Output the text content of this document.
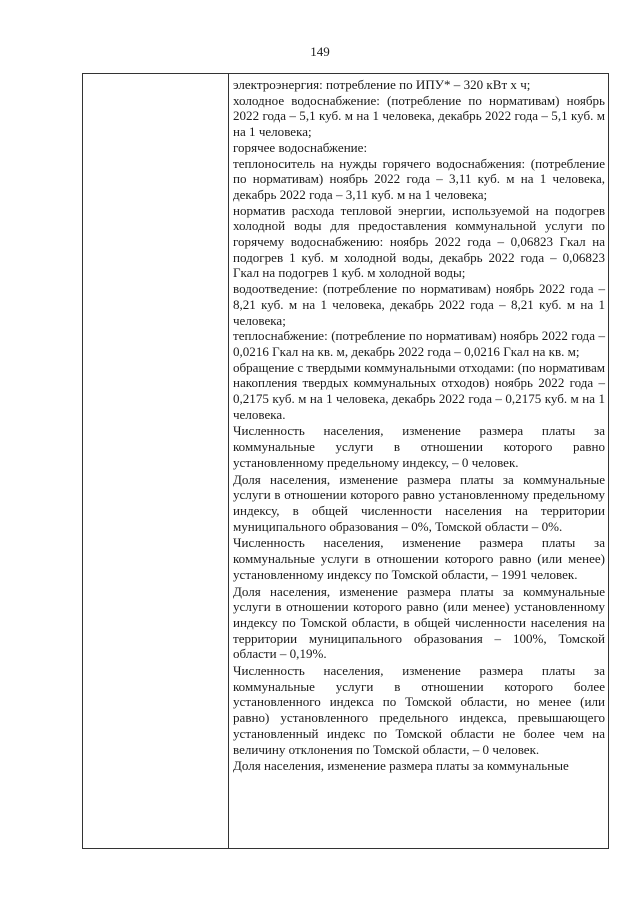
149

электроэнергия: потребление по ИПУ* – 320 кВт х ч;

холодное водоснабжение: (потребление по нормативам) ноябрь 2022 года – 5,1 куб. м на 1 человека, декабрь 2022 года – 5,1 куб. м на 1 человека;

горячее водоснабжение:

теплоноситель на нужды горячего водоснабжения: (потребление по нормативам) ноябрь 2022 года – 3,11 куб. м на 1 человека, декабрь 2022 года – 3,11 куб. м на 1 человека;

норматив расхода тепловой энергии, используемой на подогрев холодной воды для предоставления коммунальной услуги по горячему водоснабжению: ноябрь 2022 года – 0,06823 Гкал на подогрев 1 куб. м холодной воды, декабрь 2022 года – 0,06823 Гкал на подогрев 1 куб. м холодной воды;

водоотведение: (потребление по нормативам) ноябрь 2022 года – 8,21 куб. м на 1 человека, декабрь 2022 года – 8,21 куб. м на 1 человека;

теплоснабжение: (потребление по нормативам) ноябрь 2022 года – 0,0216 Гкал на кв. м, декабрь 2022 года – 0,0216 Гкал на кв. м;

обращение с твердыми коммунальными отходами: (по нормативам накопления твердых коммунальных отходов) ноябрь 2022 года – 0,2175 куб. м на 1 человека, декабрь 2022 года – 0,2175 куб. м на 1 человека.

Численность населения, изменение размера платы за коммунальные услуги в отношении которого равно установленному предельному индексу, – 0 человек.

Доля населения, изменение размера платы за коммунальные услуги в отношении которого равно установленному предельному индексу, в общей численности населения на территории муниципального образования – 0%, Томской области – 0%.

Численность населения, изменение размера платы за коммунальные услуги в отношении которого равно (или менее) установленному индексу по Томской области, – 1991 человек.

Доля населения, изменение размера платы за коммунальные услуги в отношении которого равно (или менее) установленному индексу по Томской области, в общей численности населения на территории муниципального образования – 100%, Томской области – 0,19%.

Численность населения, изменение размера платы за коммунальные услуги в отношении которого более установленного индекса по Томской области, но менее (или равно) установленного предельного индекса, превышающего установленный индекс по Томской области не более чем на величину отклонения по Томской области, – 0 человек.

Доля населения, изменение размера платы за коммунальные
